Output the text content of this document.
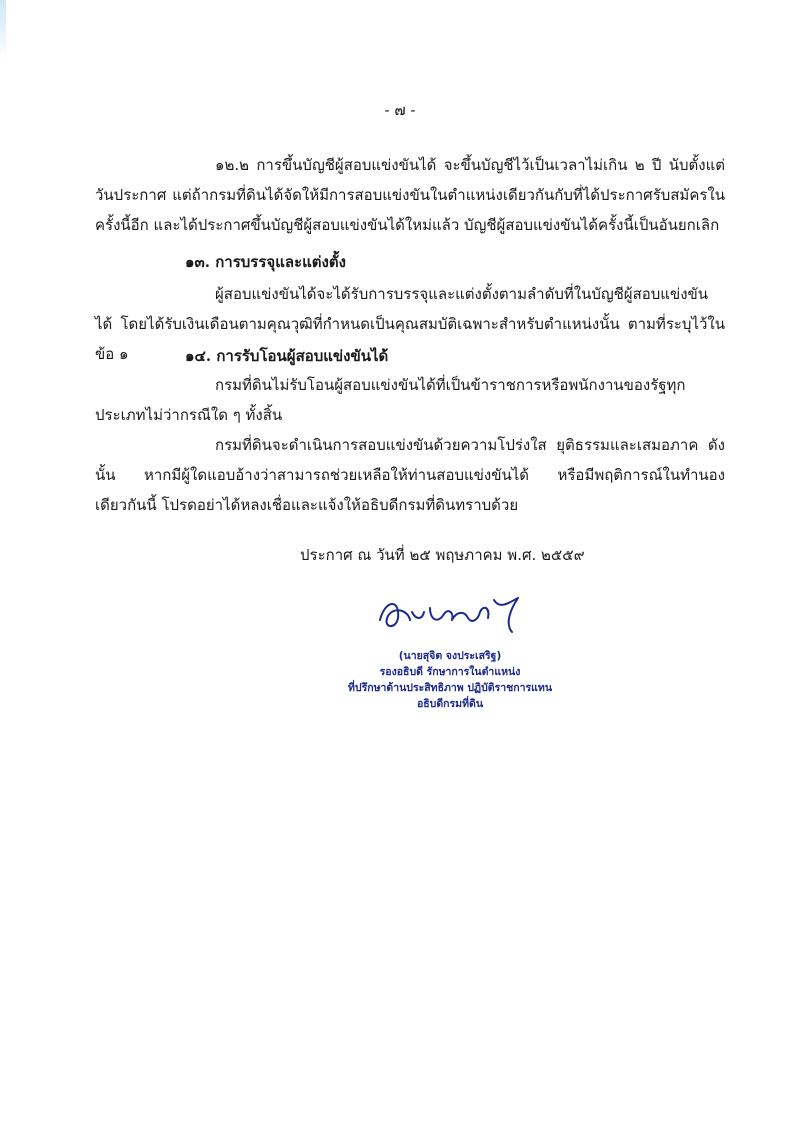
- ๗ -
๑๒.๒ การขึ้นบัญชีผู้สอบแข่งขันได้ จะขึ้นบัญชีไว้เป็นเวลาไม่เกิน ๒ ปี นับตั้งแต่วันประกาศ แต่ถ้ากรมที่ดินได้จัดให้มีการสอบแข่งขันในตำแหน่งเดียวกันกับที่ได้ประกาศรับสมัครในครั้งนี้อีก และได้ประกาศขึ้นบัญชีผู้สอบแข่งขันได้ใหม่แล้ว บัญชีผู้สอบแข่งขันได้ครั้งนี้เป็นอันยกเลิก
๑๓. การบรรจุและแต่งตั้ง
ผู้สอบแข่งขันได้จะได้รับการบรรจุและแต่งตั้งตามลำดับที่ในบัญชีผู้สอบแข่งขันได้ โดยได้รับเงินเดือนตามคุณวุฒิที่กำหนดเป็นคุณสมบัติเฉพาะสำหรับตำแหน่งนั้น ตามที่ระบุไว้ในข้อ ๑	๑๔. การรับโอนผู้สอบแข่งขันได้
กรมที่ดินไม่รับโอนผู้สอบแข่งขันได้ที่เป็นข้าราชการหรือพนักงานของรัฐทุกประเภทไม่ว่ากรณีใด ๆ ทั้งสิ้น
กรมที่ดินจะดำเนินการสอบแข่งขันด้วยความโปร่งใส ยุติธรรมและเสมอภาค ดังนั้น หากมีผู้ใดแอบอ้างว่าสามารถช่วยเหลือให้ท่านสอบแข่งขันได้ หรือมีพฤติการณ์ในทำนองเดียวกันนี้ โปรดอย่าได้หลงเชื่อและแจ้งให้อธิบดีกรมที่ดินทราบด้วย
ประกาศ ณ วันที่ ๒๕ พฤษภาคม พ.ศ. ๒๕๕๙
(นายสุจิต จงประเสริฐ)
รองอธิบดี รักษาการในตำแหน่ง
ที่ปรึกษาด้านประสิทธิภาพ ปฏิบัติราชการแทน
อธิบดีกรมที่ดิน
